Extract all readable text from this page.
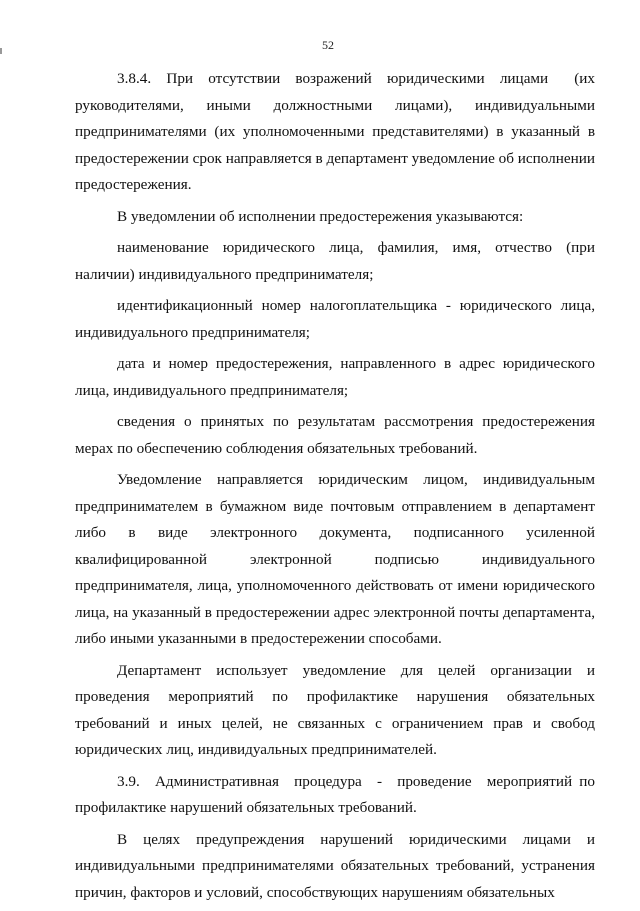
52

3.8.4. При отсутствии возражений юридическими лицами (их руководителями, иными должностными лицами), индивидуальными предпринимателями (их уполномоченными представителями) в указанный в предостережении срок направляется в департамент уведомление об исполнении предостережения.

В уведомлении об исполнении предостережения указываются:

наименование юридического лица, фамилия, имя, отчество (при наличии) индивидуального предпринимателя;

идентификационный номер налогоплательщика - юридического лица, индивидуального предпринимателя;

дата и номер предостережения, направленного в адрес юридического лица, индивидуального предпринимателя;

сведения о принятых по результатам рассмотрения предостережения мерах по обеспечению соблюдения обязательных требований.

Уведомление направляется юридическим лицом, индивидуальным предпринимателем в бумажном виде почтовым отправлением в департамент либо в виде электронного документа, подписанного усиленной квалифицированной электронной подписью индивидуального предпринимателя, лица, уполномоченного действовать от имени юридического лица, на указанный в предостережении адрес электронной почты департамента, либо иными указанными в предостережении способами.

Департамент использует уведомление для целей организации и проведения мероприятий по профилактике нарушения обязательных требований и иных целей, не связанных с ограничением прав и свобод юридических лиц, индивидуальных предпринимателей.

3.9. Административная процедура - проведение мероприятий по профилактике нарушений обязательных требований.

В целях предупреждения нарушений юридическими лицами и индивидуальными предпринимателями обязательных требований, устранения причин, факторов и условий, способствующих нарушениям обязательных
